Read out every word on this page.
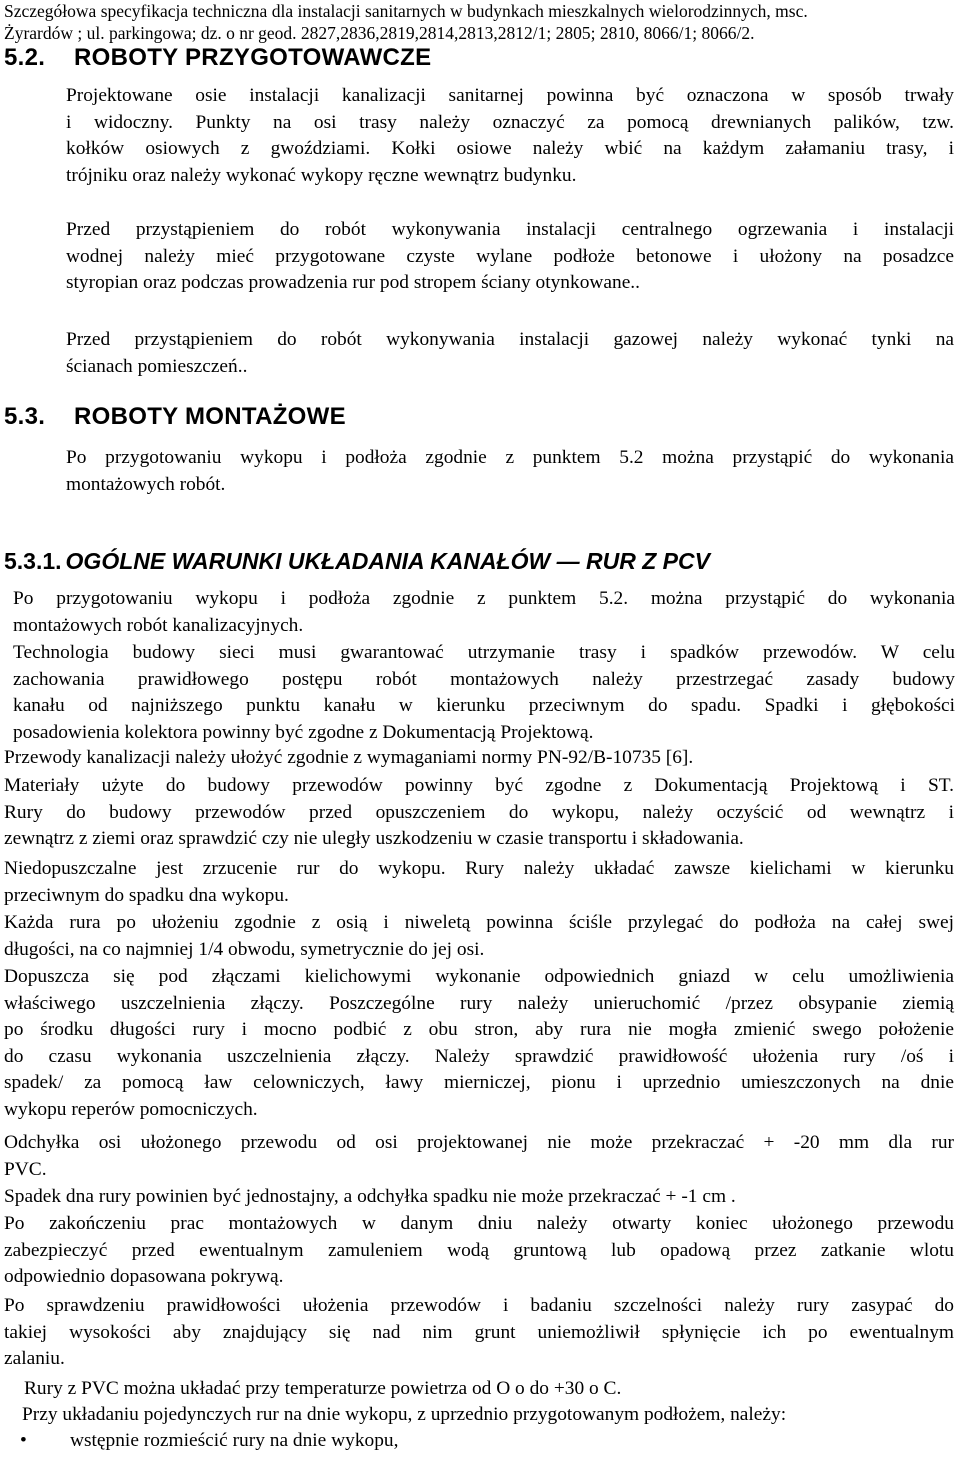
Szczegółowa specyfikacja techniczna dla instalacji sanitarnych w budynkach mieszkalnych wielorodzinnych, msc.
Żyrardów ; ul. parkingowa; dz. o nr geod. 2827,2836,2819,2814,2813,2812/1; 2805; 2810, 8066/1; 8066/2.
5.2. ROBOTY PRZYGOTOWAWCZE
Projektowane osie instalacji kanalizacji sanitarnej powinna być oznaczona w sposób trwały
i widoczny. Punkty na osi trasy należy oznaczyć za pomocą drewnianych palików, tzw.
kołków osiowych z gwoździami. Kołki osiowe należy wbić na każdym załamaniu trasy, i
trójniku oraz należy wykonać wykopy ręczne wewnątrz budynku.
Przed przystąpieniem do robót wykonywania instalacji centralnego ogrzewania i instalacji
wodnej należy mieć przygotowane czyste wylane podłoże betonowe i ułożony na posadzce
styropian oraz podczas prowadzenia rur pod stropem ściany otynkowane..
Przed przystąpieniem do robót wykonywania instalacji gazowej należy wykonać tynki na
ścianach pomieszczeń..
5.3. ROBOTY MONTAŻOWE
Po przygotowaniu wykopu i podłoża zgodnie z punktem 5.2 można przystąpić do wykonania
montażowych robót.
5.3.1. OGÓLNE WARUNKI UKŁADANIA KANAŁÓW — RUR Z PCV
Po przygotowaniu wykopu i podłoża zgodnie z punktem 5.2. można przystąpić do wykonania
montażowych robót kanalizacyjnych.
Technologia budowy sieci musi gwarantować utrzymanie trasy i spadków przewodów. W celu
zachowania prawidłowego postępu robót montażowych należy przestrzegać zasady budowy
kanału od najniższego punktu kanału w kierunku przeciwnym do spadu. Spadki i głębokości
posadowienia kolektora powinny być zgodne z Dokumentacją Projektową.
Przewody kanalizacji należy ułożyć zgodnie z wymaganiami normy PN-92/B-10735 [6].
Materiały użyte do budowy przewodów powinny być zgodne z Dokumentacją Projektową i ST.
Rury do budowy przewodów przed opuszczeniem do wykopu, należy oczyścić od wewnątrz i
zewnątrz z ziemi oraz sprawdzić czy nie uległy uszkodzeniu w czasie transportu i składowania.
Niedopuszczalne jest zrzucenie rur do wykopu. Rury należy układać zawsze kielichami w kierunku
przeciwnym do spadku dna wykopu.
Każda rura po ułożeniu zgodnie z osią i niweletą powinna ściśle przylegać do podłoża na całej swej
długości, na co najmniej 1/4 obwodu, symetrycznie do jej osi.
Dopuszcza się pod złączami kielichowymi wykonanie odpowiednich gniazd w celu umożliwienia
właściwego uszczelnienia złączy. Poszczególne rury należy unieruchomić /przez obsypanie ziemią
po środku długości rury i mocno podbić z obu stron, aby rura nie mogła zmienić swego położenie
do czasu wykonania uszczelnienia złączy. Należy sprawdzić prawidłowość ułożenia rury /oś i
spadek/ za pomocą ław celowniczych, ławy mierniczej, pionu i uprzednio umieszczonych na dnie
wykopu reperów pomocniczych.
Odchyłka osi ułożonego przewodu od osi projektowanej nie może przekraczać + -20 mm dla rur
PVC.
Spadek dna rury powinien być jednostajny, a odchyłka spadku nie może przekraczać + -1 cm .
Po zakończeniu prac montażowych w danym dniu należy otwarty koniec ułożonego przewodu
zabezpieczyć przed ewentualnym zamuleniem wodą gruntową lub opadową przez zatkanie wlotu
odpowiednio dopasowana pokrywą.
Po sprawdzeniu prawidłowości ułożenia przewodów i badaniu szczelności należy rury zasypać do
takiej wysokości aby znajdujący się nad nim grunt uniemożliwił spłynięcie ich po ewentualnym
zalaniu.
Rury z PVC można układać przy temperaturze powietrza od O o do +30 o C.
Przy układaniu pojedynczych rur na dnie wykopu, z uprzednio przygotowanym podłożem, należy:
• wstępnie rozmieścić rury na dnie wykopu,
